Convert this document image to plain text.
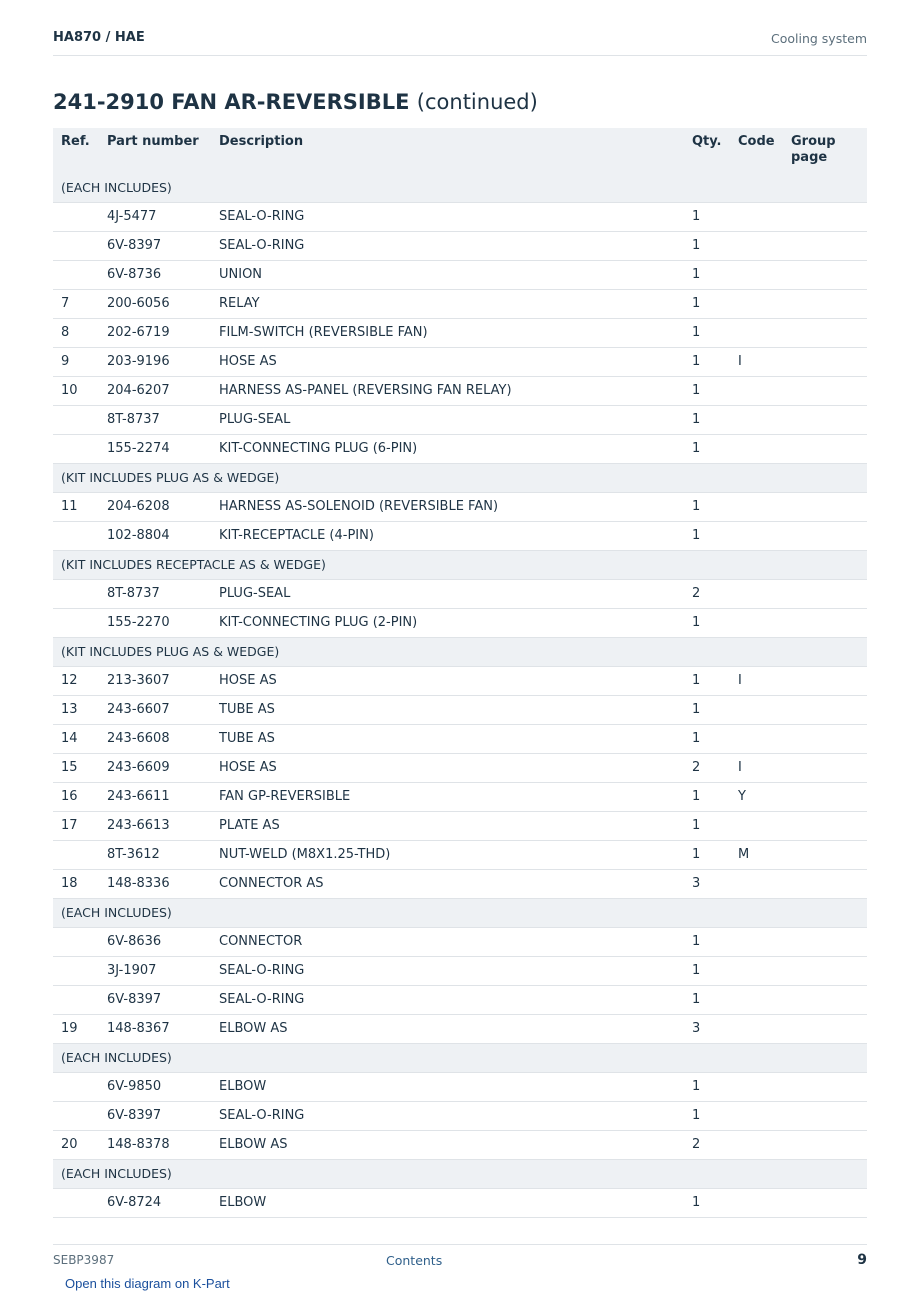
HA870 / HAE	Cooling system
241-2910 FAN AR-REVERSIBLE (continued)
Ref.	Part number	Description	Qty.	Code	Group page
(EACH INCLUDES)					
	4J-5477	SEAL-O-RING	1		
	6V-8397	SEAL-O-RING	1		
	6V-8736	UNION	1		
7	200-6056	RELAY	1		
8	202-6719	FILM-SWITCH (REVERSIBLE FAN)	1		
9	203-9196	HOSE AS	1	I	
10	204-6207	HARNESS AS-PANEL (REVERSING FAN RELAY)	1		
	8T-8737	PLUG-SEAL	1		
	155-2274	KIT-CONNECTING PLUG (6-PIN)	1		
(KIT INCLUDES PLUG AS & WEDGE)					
11	204-6208	HARNESS AS-SOLENOID (REVERSIBLE FAN)	1		
	102-8804	KIT-RECEPTACLE (4-PIN)	1		
(KIT INCLUDES RECEPTACLE AS & WEDGE)					
	8T-8737	PLUG-SEAL	2		
	155-2270	KIT-CONNECTING PLUG (2-PIN)	1		
(KIT INCLUDES PLUG AS & WEDGE)					
12	213-3607	HOSE AS	1	I	
13	243-6607	TUBE AS	1		
14	243-6608	TUBE AS	1		
15	243-6609	HOSE AS	2	I	
16	243-6611	FAN GP-REVERSIBLE	1	Y	
17	243-6613	PLATE AS	1		
	8T-3612	NUT-WELD (M8X1.25-THD)	1	M	
18	148-8336	CONNECTOR AS	3		
(EACH INCLUDES)					
	6V-8636	CONNECTOR	1		
	3J-1907	SEAL-O-RING	1		
	6V-8397	SEAL-O-RING	1		
19	148-8367	ELBOW AS	3		
(EACH INCLUDES)					
	6V-9850	ELBOW	1		
	6V-8397	SEAL-O-RING	1		
20	148-8378	ELBOW AS	2		
(EACH INCLUDES)					
	6V-8724	ELBOW	1		
SEBP3987	Contents	9
Open this diagram on K-Part
